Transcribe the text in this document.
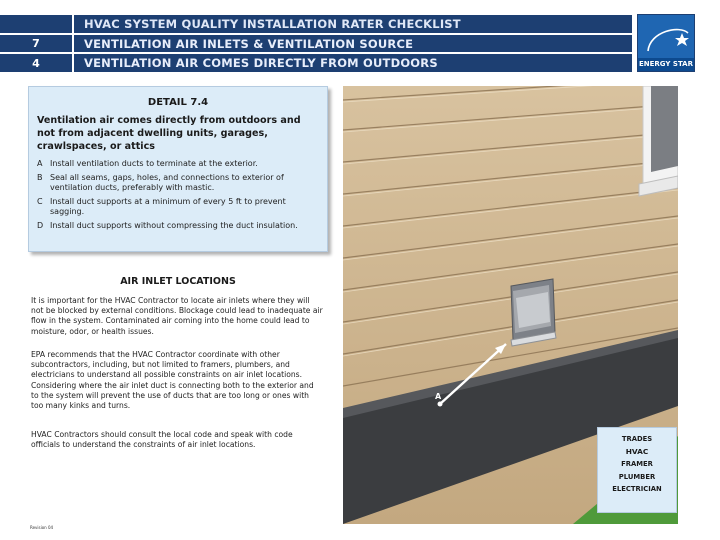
HVAC SYSTEM QUALITY INSTALLATION RATER CHECKLIST
7	VENTILATION AIR INLETS & VENTILATION SOURCE
4	VENTILATION AIR COMES DIRECTLY FROM OUTDOORS	ENERGY STAR
DETAIL 7.4
Ventilation air comes directly from outdoors and not from adjacent dwelling units, garages, crawlspaces, or attics
A Install ventilation ducts to terminate at the exterior.
B Seal all seams, gaps, holes, and connections to exterior of ventilation ducts, preferably with mastic.
C Install duct supports at a minimum of every 5 ft to prevent sagging.
D Install duct supports without compressing the duct insulation.
AIR INLET LOCATIONS

It is important for the HVAC Contractor to locate air inlets where they will not be blocked by external conditions. Blockage could lead to inadequate air flow in the system. Contaminated air coming into the home could lead to moisture, odor, or health issues.

EPA recommends that the HVAC Contractor coordinate with other subcontractors, including, but not limited to framers, plumbers, and electricians to understand all possible constraints on air inlet locations. Considering where the air inlet duct is connecting both to the exterior and to the system will prevent the use of ducts that are too long or ones with too many kinks and turns.

HVAC Contractors should consult the local code and speak with code officials to understand the constraints of air inlet locations.

Revision 04
A
TRADES
HVAC
FRAMER
PLUMBER
ELECTRICIAN
